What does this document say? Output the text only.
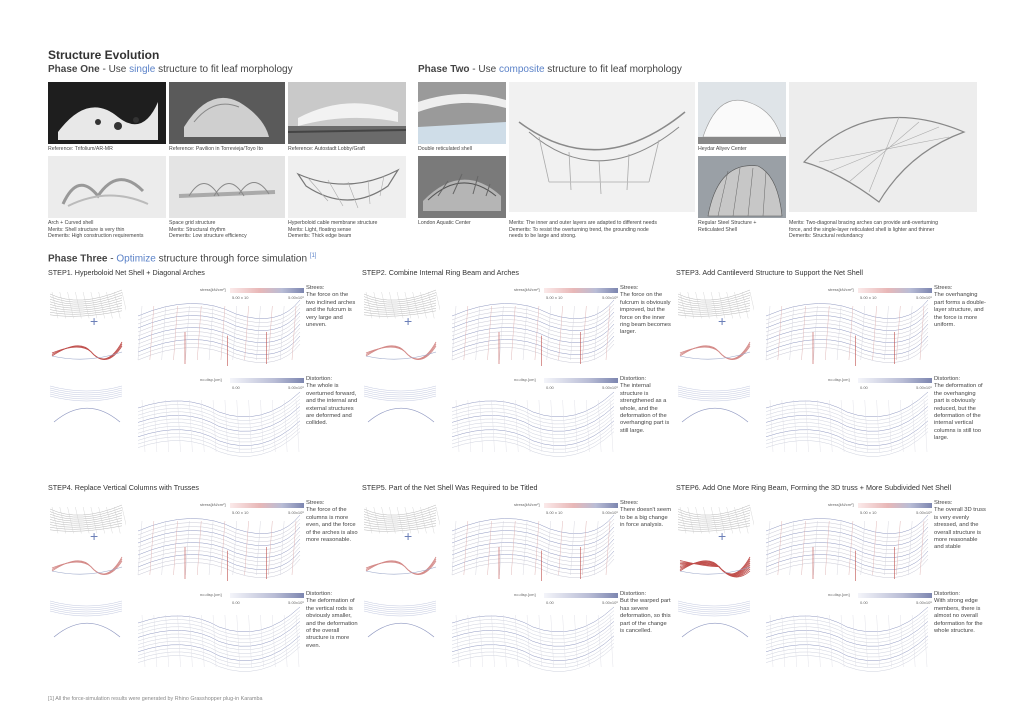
Structure Evolution
Phase One - Use single structure to fit leaf morphology	Phase Two - Use composite structure to fit leaf morphology
Phase Three - Optimize structure through force simulation [1]
Reference: Trifolium/AR-MR	Reference: Pavilion in Torrevieja/Toyo Ito	Reference: Autostadt Lobby/Graft
Arch + Curved shell
Merits: Shell structure is very thin
Demerits: High construction requirements
Space grid structure
Merits: Structural rhythm
Demerits: Low structure efficiency
Hyperboloid cable membrane structure
Merits: Light, floating sense
Demerits: Thick edge beam
London Aquatic Center
Double reticulated shell
Merits: The inner and outer layers are adapted to different needs
Demerits: To resist the overturning trend, the grounding node
needs to be large and strong.
Heydar Aliyev Center
Regular Steel Structure +
Reticulated Shell
Merits: Two-diagonal bracing arches can provide anti-overturning
force, and the single-layer reticulated shell is lighter and thinner
Demerits: Structural redundancy
STEP1. Hyperboloid Net Shell + Diagonal Arches
+
stress[kN/cm²]
5.00 x 10	5.00x10⁶
Strees:
The force on the two inclined arches and the fulcrum is very large and uneven.
no.disp.[cm]
0.00	5.00x10⁶
Distortion:
The whole is overturned forward, and the internal and external structures are deformed and collided.
STEP2. Combine Internal Ring Beam and Arches
+
stress[kN/cm²]
5.00 x 10	5.00x10⁶
Strees:
The force on the fulcrum is obviously improved, but the force on the inner ring beam becomes larger.
no.disp.[cm]
0.00	5.00x10⁶
Distortion:
The internal structure is strengthened as a whole, and the deformation of the overhanging part is still large.
STEP3. Add Cantileverd Structure to Support the Net Shell
+
stress[kN/cm²]
5.00 x 10	5.00x10⁶
Strees:
The overhanging part forms a double-layer structure, and the force is more uniform.
no.disp.[cm]
0.00	5.00x10⁶
Distortion:
The deformation of the overhanging part is obviously reduced, but the deformation of the internal vertical columns is still too large.
STEP4. Replace Vertical Columns with Trusses
+
stress[kN/cm²]
5.00 x 10	5.00x10⁶
Strees:
The force of the columns is more even, and the force of the arches is also more reasonable.
no.disp.[cm]
0.00	5.00x10⁶
Distortion:
The deformation of the vertical rods is obviously smaller, and the deformation of the overall structure is more even.
STEP5. Part of the Net Shell Was Required to be Titled
+
stress[kN/cm²]
5.00 x 10	5.00x10⁶
Strees:
There doesn't seem to be a big change in force analysis.
no.disp.[cm]
0.00	5.00x10⁶
Distortion:
But the warped part has severe deformation, so this part of the change is cancelled.
STEP6. Add One More Ring Beam, Forming the 3D truss + More Subdivided Net Shell
+
stress[kN/cm²]
5.00 x 10	5.00x10⁶
Strees:
The overall 3D truss is very evenly stressed, and the overall structure is more reasonable and stable
no.disp.[cm]
0.00	5.00x10⁶
Distortion:
With strong edge members, there is almost no overall deformation for the whole structure.
[1] All the force-simulation results were generated by Rhino Grasshopper plug-in Karamba
